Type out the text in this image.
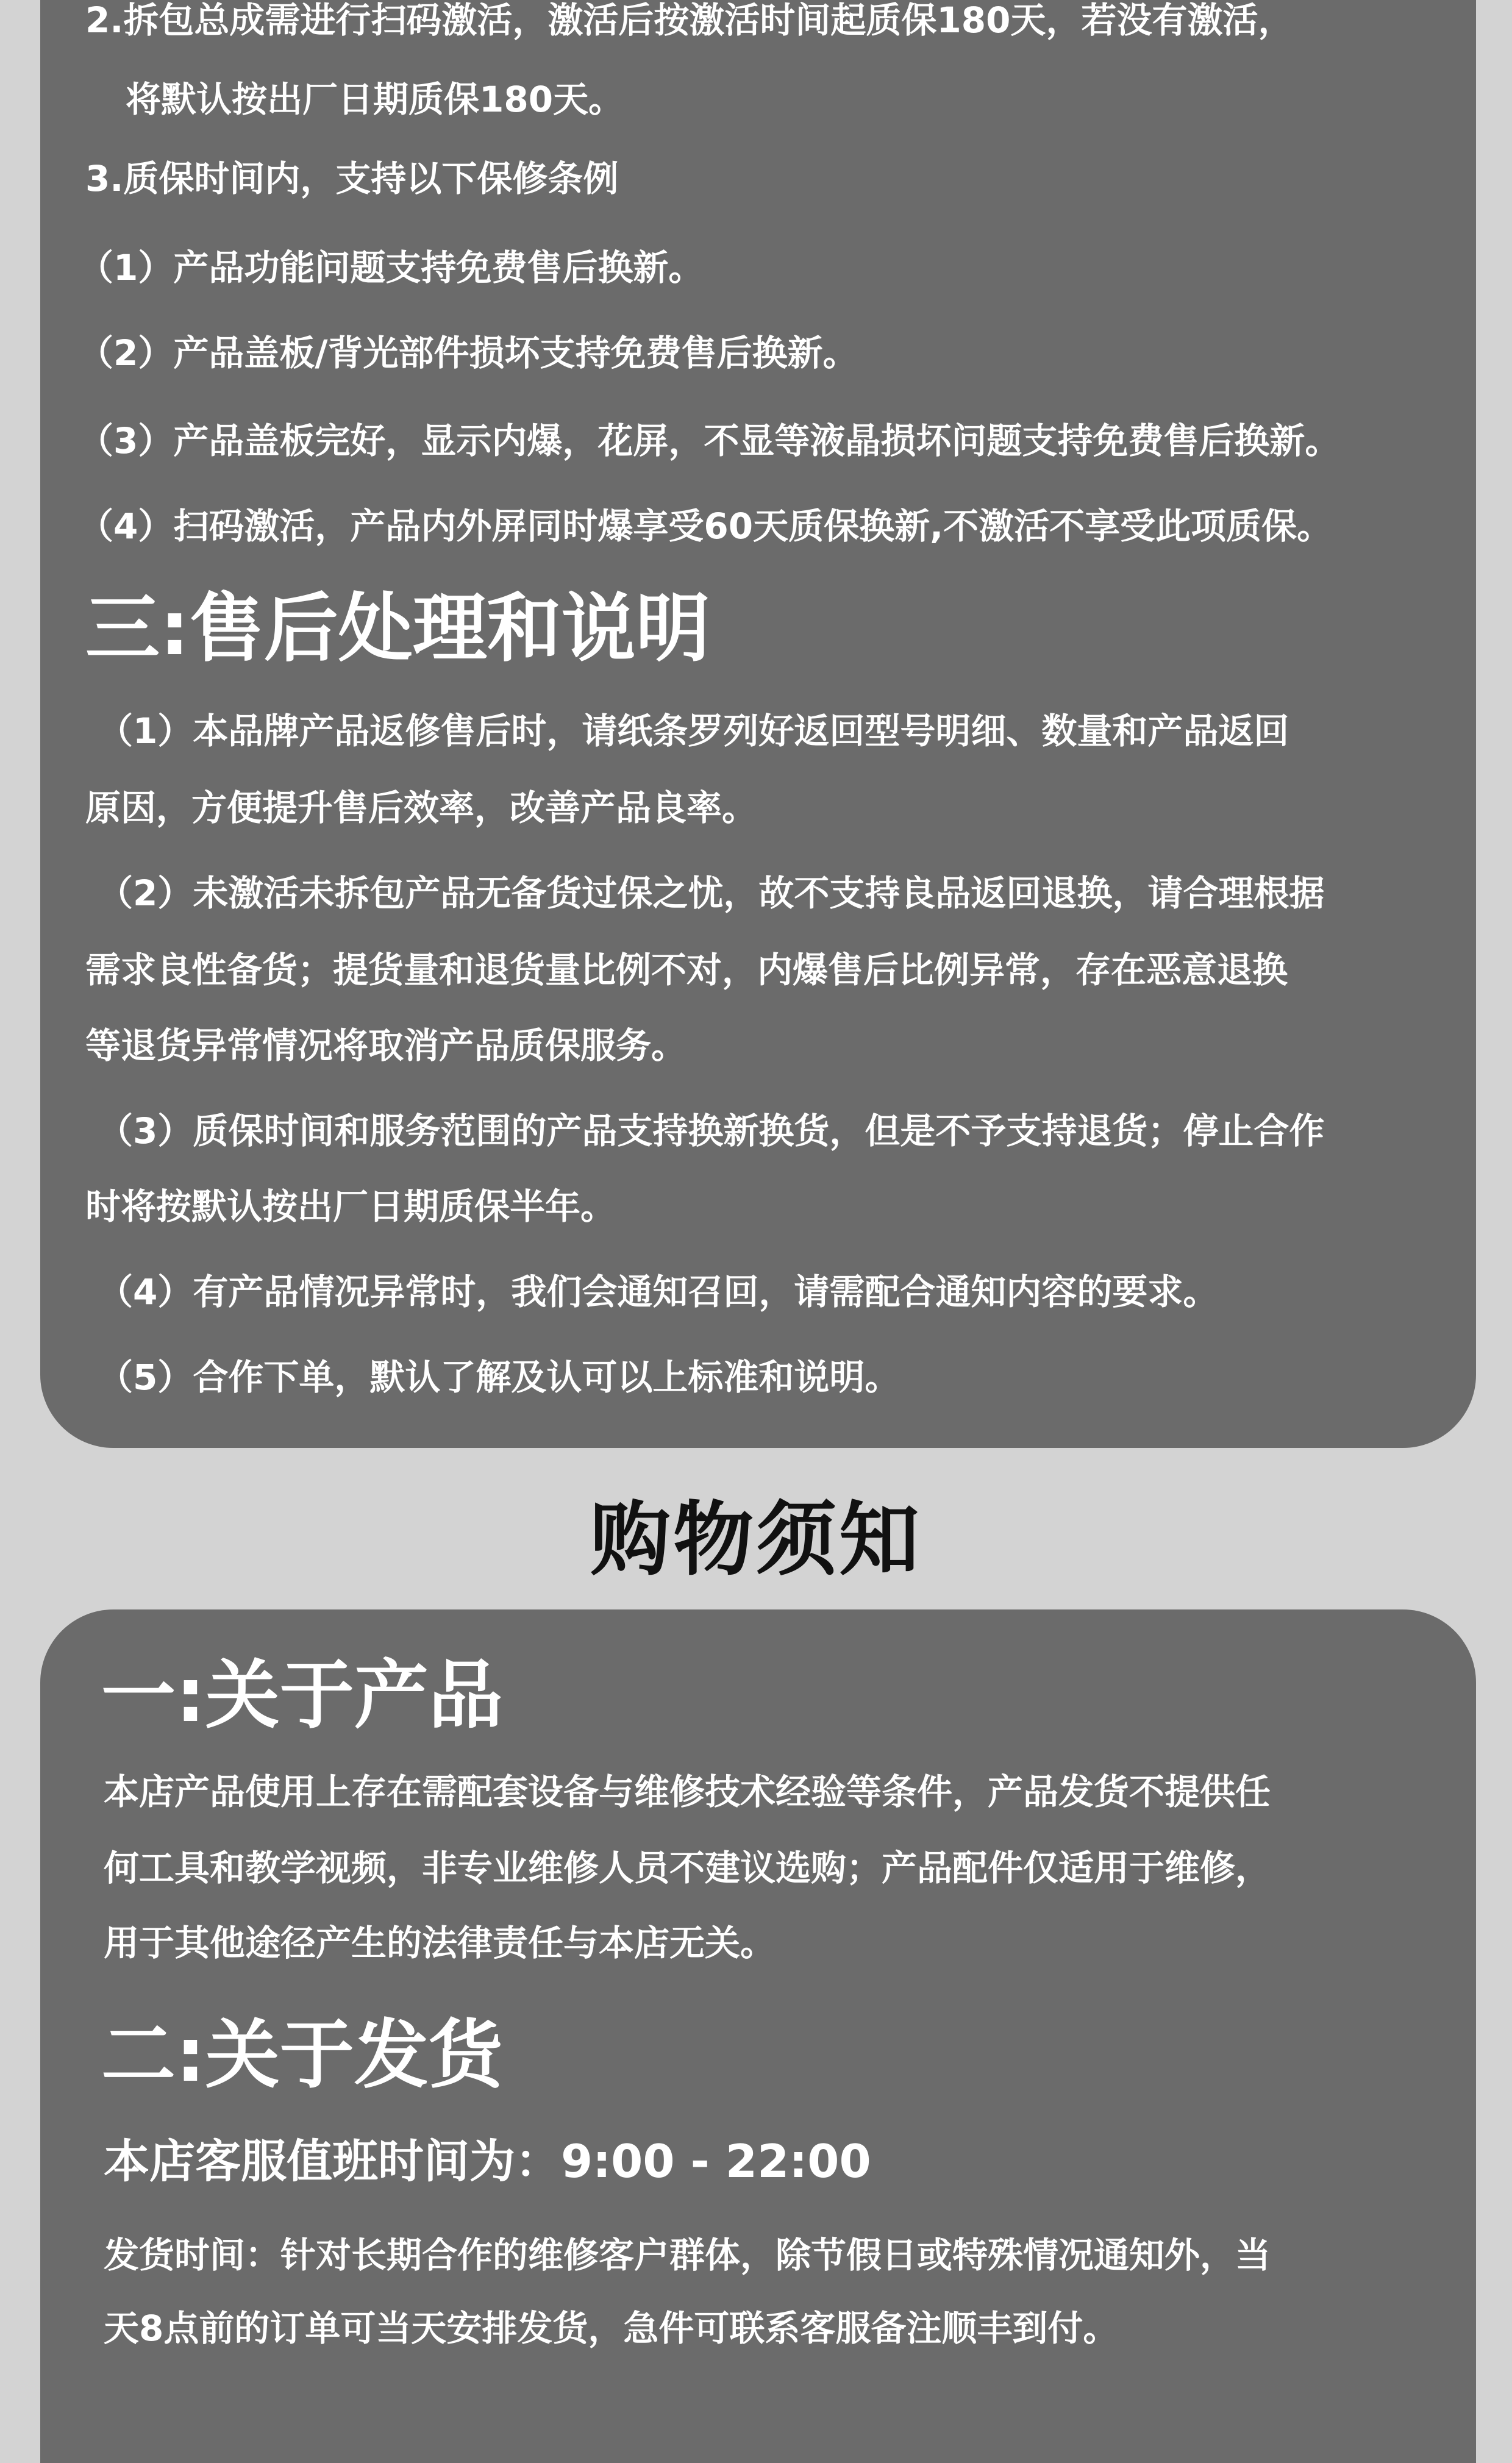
2.拆包总成需进行扫码激活，激活后按激活时间起质保180天，若没有激活，
将默认按出厂日期质保180天。
3.质保时间内，支持以下保修条例
（1）产品功能问题支持免费售后换新。
（2）产品盖板/背光部件损坏支持免费售后换新。
（3）产品盖板完好，显示内爆，花屏，不显等液晶损坏问题支持免费售后换新。
（4）扫码激活，产品内外屏同时爆享受60天质保换新,不激活不享受此项质保。
三:售后处理和说明
（1）本品牌产品返修售后时，请纸条罗列好返回型号明细、数量和产品返回
原因，方便提升售后效率，改善产品良率。
（2）未激活未拆包产品无备货过保之忧，故不支持良品返回退换，请合理根据
需求良性备货；提货量和退货量比例不对，内爆售后比例异常，存在恶意退换
等退货异常情况将取消产品质保服务。
（3）质保时间和服务范围的产品支持换新换货，但是不予支持退货；停止合作
时将按默认按出厂日期质保半年。
（4）有产品情况异常时，我们会通知召回，请需配合通知内容的要求。
（5）合作下单，默认了解及认可以上标准和说明。
购物须知
一:关于产品
本店产品使用上存在需配套设备与维修技术经验等条件，产品发货不提供任
何工具和教学视频，非专业维修人员不建议选购；产品配件仅适用于维修，
用于其他途径产生的法律责任与本店无关。
二:关于发货
本店客服值班时间为：9:00 - 22:00
发货时间：针对长期合作的维修客户群体，除节假日或特殊情况通知外，当
天8点前的订单可当天安排发货，急件可联系客服备注顺丰到付。
